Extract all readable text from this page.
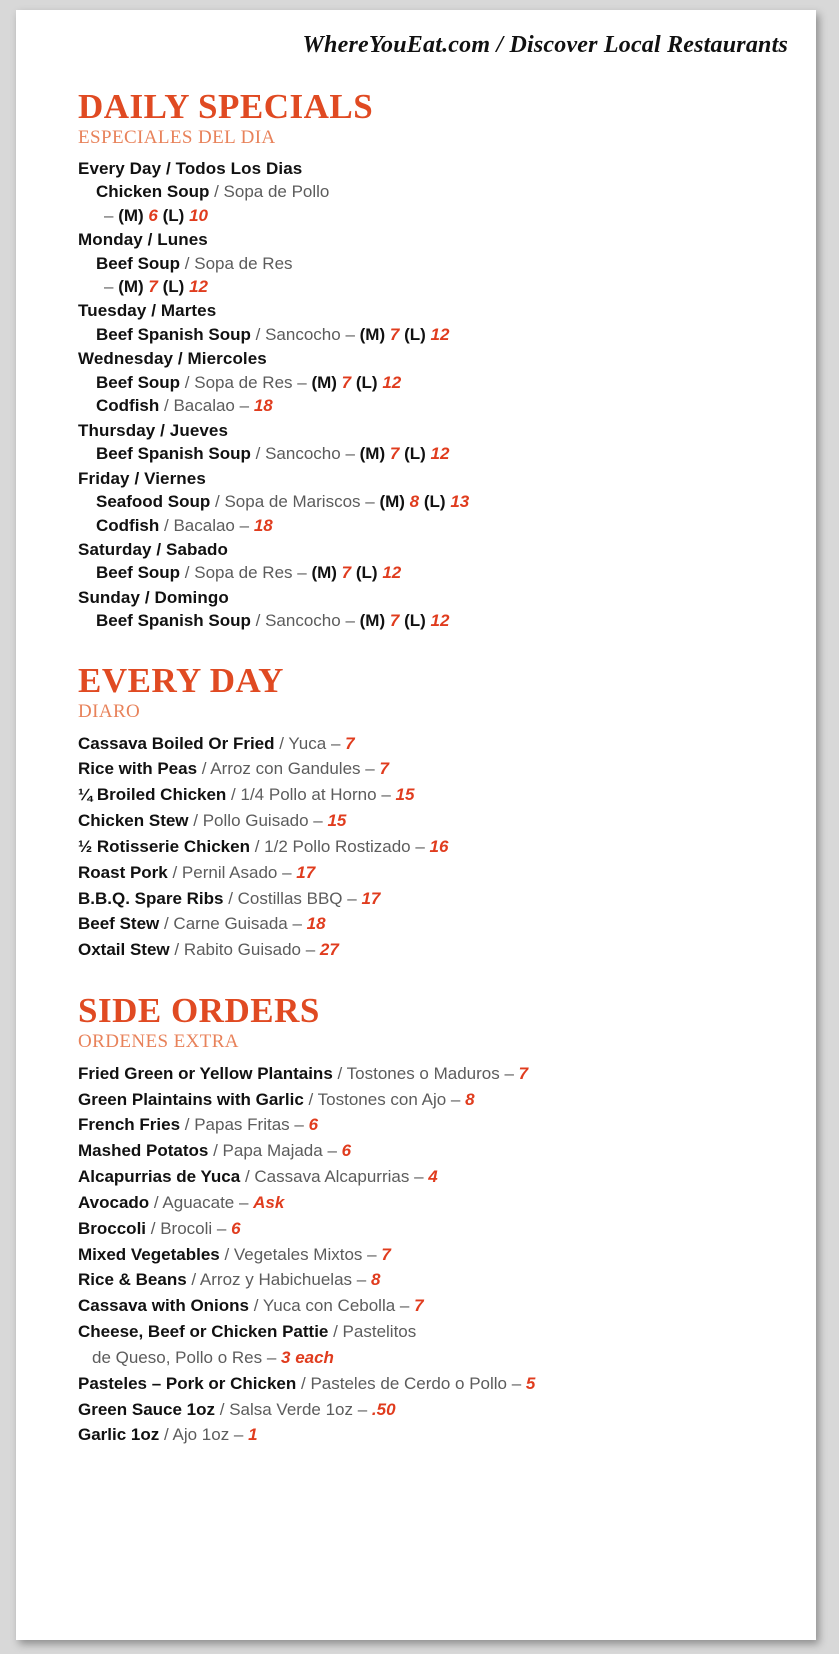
WhereYouEat.com / Discover Local Restaurants
DAILY SPECIALS
ESPECIALES DEL DIA
Every Day / Todos Los Dias
Chicken Soup / Sopa de Pollo
– (M) 6 (L) 10
Monday / Lunes
Beef Soup / Sopa de Res
– (M) 7 (L) 12
Tuesday / Martes
Beef Spanish Soup / Sancocho – (M) 7 (L) 12
Wednesday / Miercoles
Beef Soup / Sopa de Res – (M) 7 (L) 12
Codfish / Bacalao – 18
Thursday / Jueves
Beef Spanish Soup / Sancocho – (M) 7 (L) 12
Friday / Viernes
Seafood Soup / Sopa de Mariscos – (M) 8 (L) 13
Codfish / Bacalao – 18
Saturday / Sabado
Beef Soup / Sopa de Res – (M) 7 (L) 12
Sunday / Domingo
Beef Spanish Soup / Sancocho – (M) 7 (L) 12
EVERY DAY
DIARO
Cassava Boiled Or Fried / Yuca – 7
Rice with Peas / Arroz con Gandules – 7
¼ Broiled Chicken / 1/4 Pollo at Horno – 15
Chicken Stew / Pollo Guisado – 15
½ Rotisserie Chicken / 1/2 Pollo Rostizado – 16
Roast Pork / Pernil Asado – 17
B.B.Q. Spare Ribs / Costillas BBQ – 17
Beef Stew / Carne Guisada – 18
Oxtail Stew / Rabito Guisado – 27
SIDE ORDERS
ORDENES EXTRA
Fried Green or Yellow Plantains / Tostones o Maduros – 7
Green Plaintains with Garlic / Tostones con Ajo – 8
French Fries / Papas Fritas – 6
Mashed Potatos / Papa Majada – 6
Alcapurrias de Yuca / Cassava Alcapurrias – 4
Avocado / Aguacate – Ask
Broccoli / Brocoli – 6
Mixed Vegetables / Vegetales Mixtos – 7
Rice & Beans / Arroz y Habichuelas – 8
Cassava with Onions / Yuca con Cebolla – 7
Cheese, Beef or Chicken Pattie / Pastelitos
de Queso, Pollo o Res – 3 each
Pasteles – Pork or Chicken / Pasteles de Cerdo o Pollo – 5
Green Sauce 1oz / Salsa Verde 1oz – .50
Garlic 1oz / Ajo 1oz – 1
